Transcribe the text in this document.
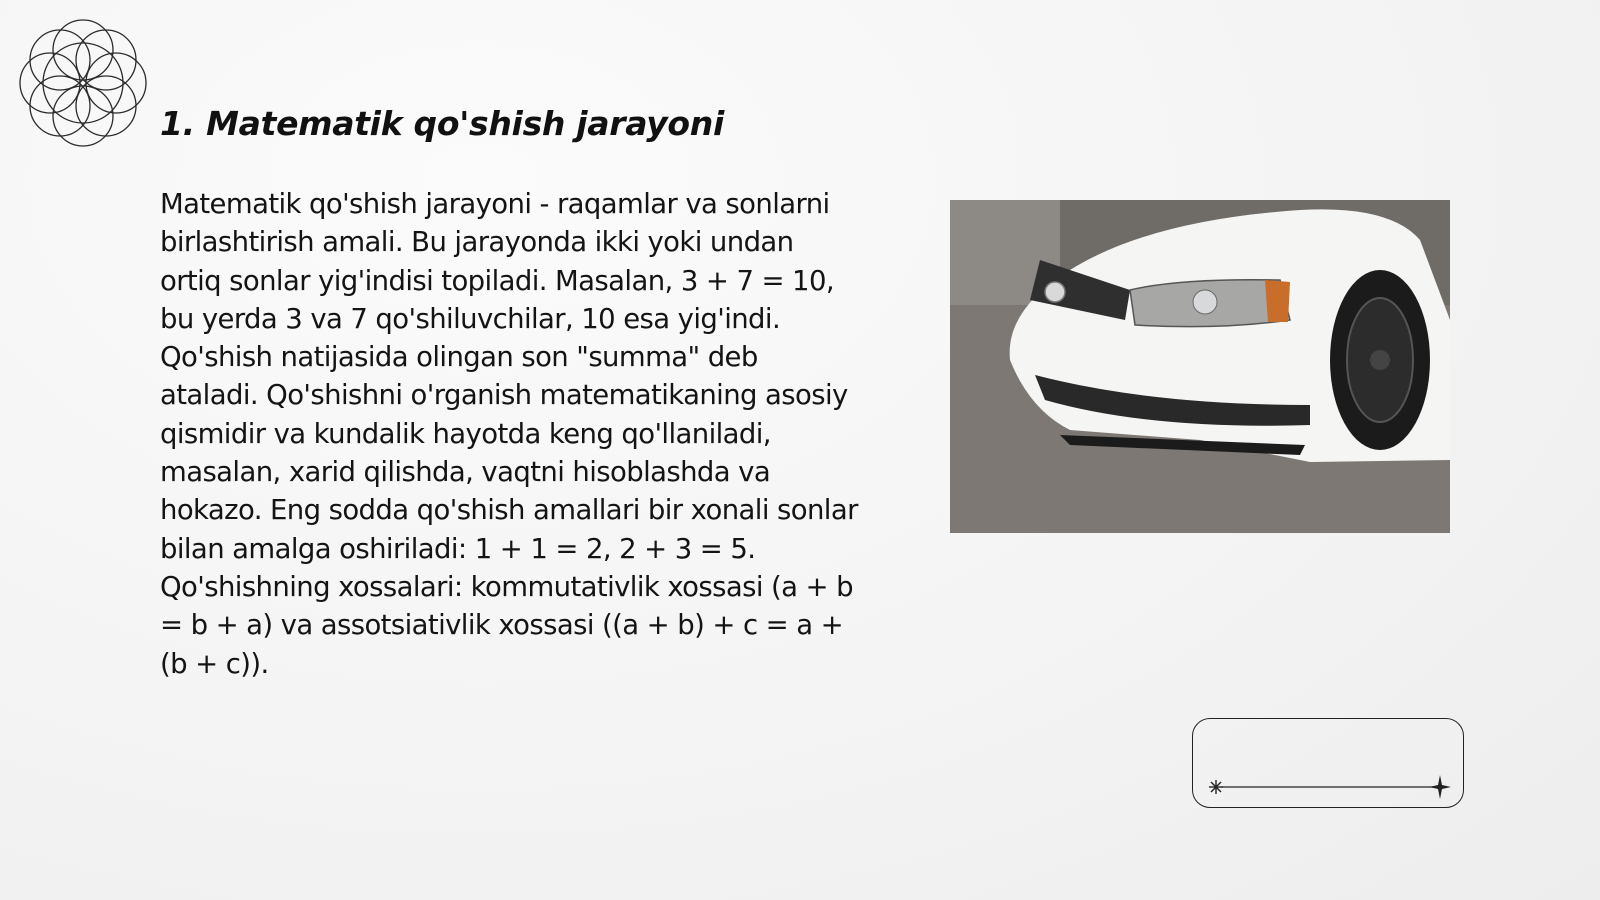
1. Matematik qo'shish jarayoni

Matematik qo'shish jarayoni - raqamlar va sonlarni birlashtirish amali. Bu jarayonda ikki yoki undan ortiq sonlar yig'indisi topiladi. Masalan, 3 + 7 = 10, bu yerda 3 va 7 qo'shiluvchilar, 10 esa yig'indi. Qo'shish natijasida olingan son "summa" deb ataladi. Qo'shishni o'rganish matematikaning asosiy qismidir va kundalik hayotda keng qo'llaniladi, masalan, xarid qilishda, vaqtni hisoblashda va hokazo. Eng sodda qo'shish amallari bir xonali sonlar bilan amalga oshiriladi: 1 + 1 = 2, 2 + 3 = 5. Qo'shishning xossalari: kommutativlik xossasi (a + b = b + a) va assotsiativlik xossasi ((a + b) + c = a + (b + c)).
